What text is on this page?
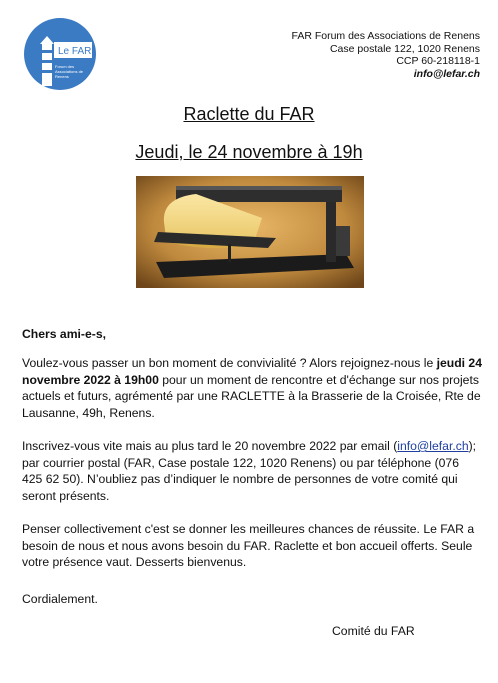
Le FAR
Forum des
Associations de
Renens
FAR Forum des Associations de Renens
Case postale 122, 1020 Renens
CCP 60-218118-1
info@lefar.ch
Raclette du FAR
Jeudi, le 24 novembre à 19h
Chers ami-e-s,
Voulez-vous passer un bon moment de convivialité ? Alors rejoignez-nous le jeudi 24 novembre 2022 à 19h00 pour un moment de rencontre et d'échange sur nos projets actuels et futurs, agrémenté par une RACLETTE à la Brasserie de la Croisée, Rte de Lausanne, 49h, Renens.
Inscrivez-vous vite mais au plus tard le 20 novembre 2022 par email (info@lefar.ch); par courrier postal (FAR, Case postale 122, 1020 Renens) ou par téléphone (076 425 62 50). N’oubliez pas d’indiquer le nombre de personnes de votre comité qui seront présents.
Penser collectivement c'est se donner les meilleures chances de réussite. Le FAR a besoin de nous et nous avons besoin du FAR. Raclette et bon accueil offerts. Seule votre présence vaut. Desserts bienvenus.
Cordialement.
Comité du FAR
